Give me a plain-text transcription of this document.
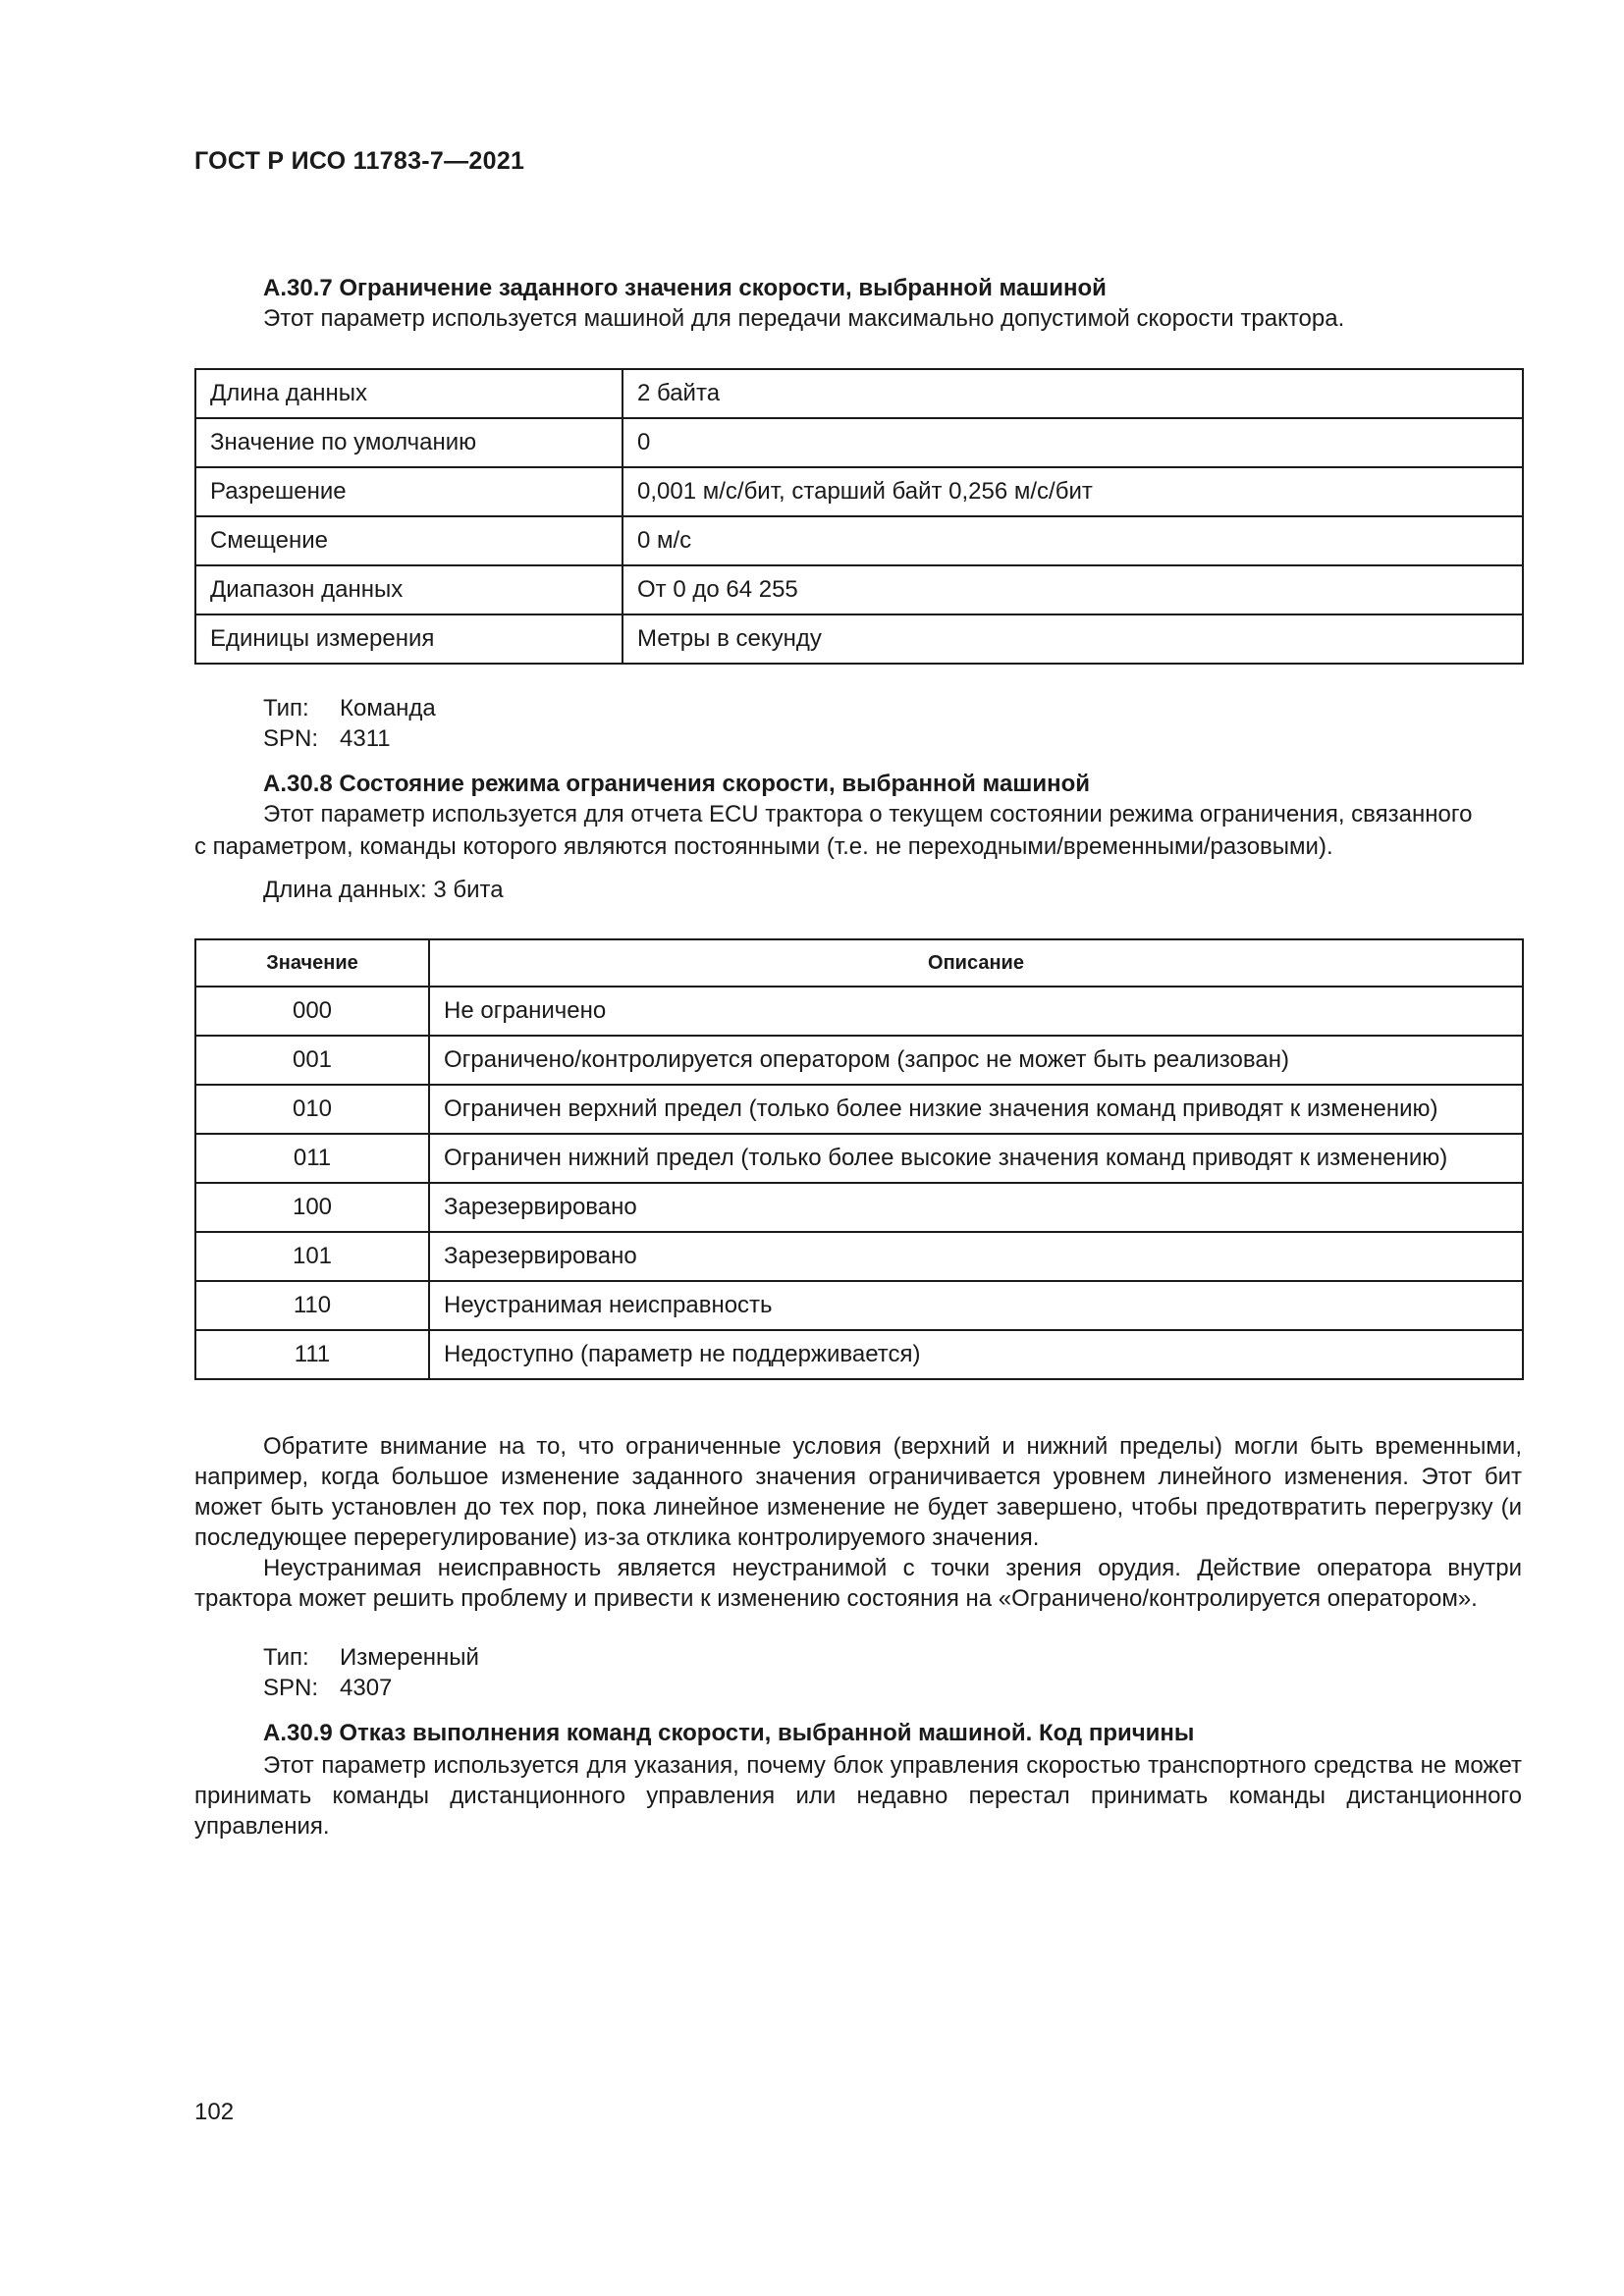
ГОСТ Р ИСО 11783-7—2021
А.30.7 Ограничение заданного значения скорости, выбранной машиной
Этот параметр используется машиной для передачи максимально допустимой скорости трактора.
Длина данных	2 байта
Значение по умолчанию	0
Разрешение	0,001 м/с/бит, старший байт 0,256 м/с/бит
Смещение	0 м/с
Диапазон данных	От 0 до 64 255
Единицы измерения	Метры в секунду
Тип: Команда
SPN: 4311
А.30.8 Состояние режима ограничения скорости, выбранной машиной
Этот параметр используется для отчета ECU трактора о текущем состоянии режима ограничения, связанного
с параметром, команды которого являются постоянными (т.е. не переходными/временными/разовыми).
Длина данных: 3 бита
Значение	Описание
000	Не ограничено
001	Ограничено/контролируется оператором (запрос не может быть реализован)
010	Ограничен верхний предел (только более низкие значения команд приводят к изменению)
011	Ограничен нижний предел (только более высокие значения команд приводят к изменению)
100	Зарезервировано
101	Зарезервировано
110	Неустранимая неисправность
111	Недоступно (параметр не поддерживается)
Обратите внимание на то, что ограниченные условия (верхний и нижний пределы) могли быть временными, например, когда большое изменение заданного значения ограничивается уровнем линейного изменения. Этот бит может быть установлен до тех пор, пока линейное изменение не будет завершено, чтобы предотвратить перегрузку (и последующее перерегулирование) из-за отклика контролируемого значения.
Неустранимая неисправность является неустранимой с точки зрения орудия. Действие оператора внутри трактора может решить проблему и привести к изменению состояния на «Ограничено/контролируется оператором».
Тип: Измеренный
SPN: 4307
А.30.9 Отказ выполнения команд скорости, выбранной машиной. Код причины
Этот параметр используется для указания, почему блок управления скоростью транспортного средства не может принимать команды дистанционного управления или недавно перестал принимать команды дистанционного управления.
102
